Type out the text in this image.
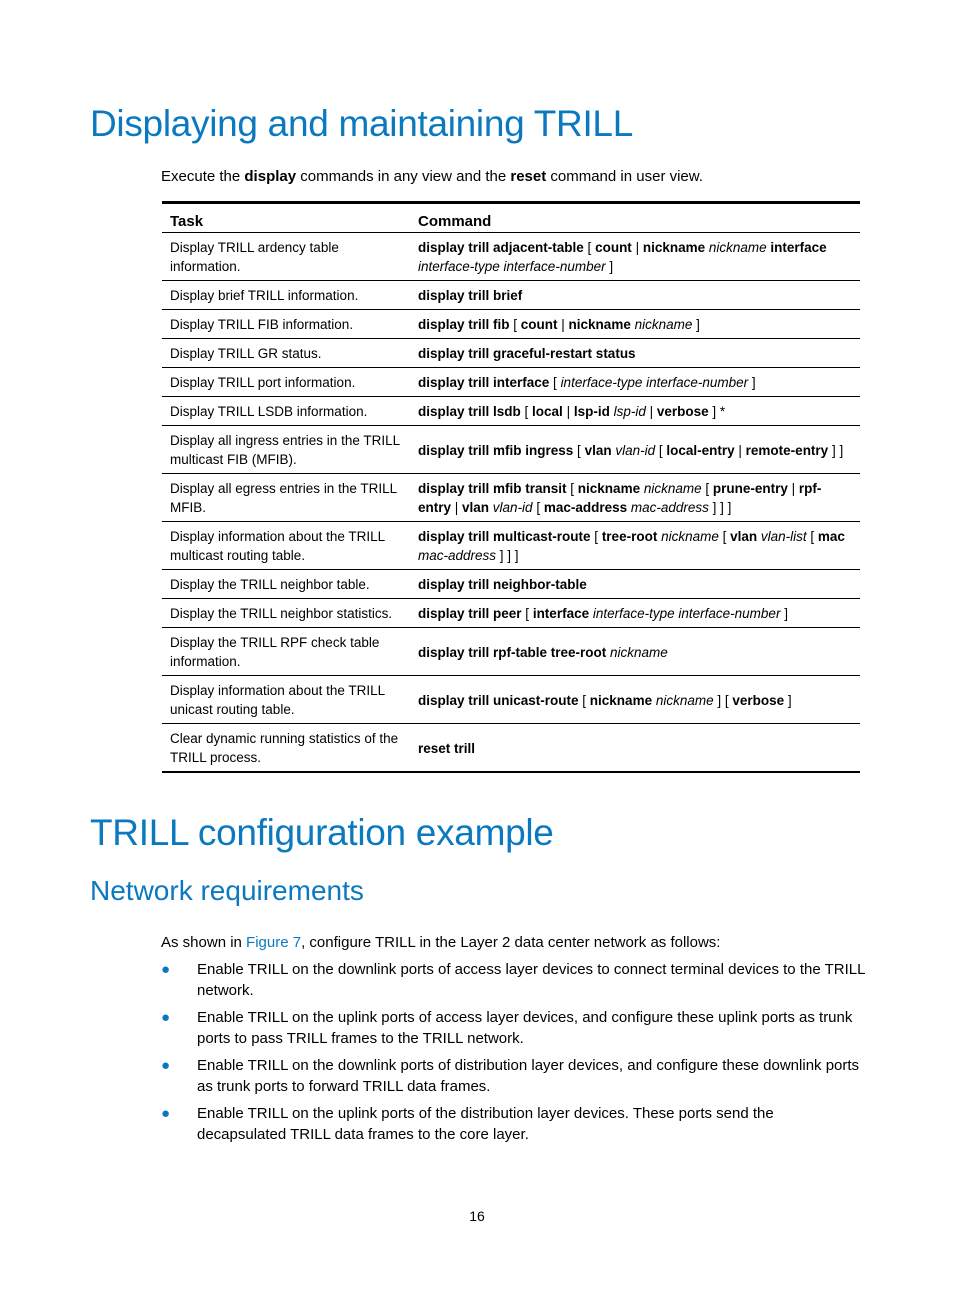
Displaying and maintaining TRILL

Execute the display commands in any view and the reset command in user view.

Task	Command
Display TRILL ardency table information.	display trill adjacent-table [ count | nickname nickname interface interface-type interface-number ]
Display brief TRILL information.	display trill brief
Display TRILL FIB information.	display trill fib [ count | nickname nickname ]
Display TRILL GR status.	display trill graceful-restart status
Display TRILL port information.	display trill interface [ interface-type interface-number ]
Display TRILL LSDB information.	display trill lsdb [ local | lsp-id lsp-id | verbose ] *
Display all ingress entries in the TRILL multicast FIB (MFIB).	display trill mfib ingress [ vlan vlan-id [ local-entry | remote-entry ] ]
Display all egress entries in the TRILL MFIB.	display trill mfib transit [ nickname nickname [ prune-entry | rpf-entry | vlan vlan-id [ mac-address mac-address ] ] ]
Display information about the TRILL multicast routing table.	display trill multicast-route [ tree-root nickname [ vlan vlan-list [ mac mac-address ] ] ]
Display the TRILL neighbor table.	display trill neighbor-table
Display the TRILL neighbor statistics.	display trill peer [ interface interface-type interface-number ]
Display the TRILL RPF check table information.	display trill rpf-table tree-root nickname
Display information about the TRILL unicast routing table.	display trill unicast-route [ nickname nickname ] [ verbose ]
Clear dynamic running statistics of the TRILL process.	reset trill
TRILL configuration example
Network requirements

As shown in Figure 7, configure TRILL in the Layer 2 data center network as follows:

● Enable TRILL on the downlink ports of access layer devices to connect terminal devices to the TRILL network.
● Enable TRILL on the uplink ports of access layer devices, and configure these uplink ports as trunk ports to pass TRILL frames to the TRILL network.
● Enable TRILL on the downlink ports of distribution layer devices, and configure these downlink ports as trunk ports to forward TRILL data frames.
● Enable TRILL on the uplink ports of the distribution layer devices. These ports send the decapsulated TRILL data frames to the core layer.
16
